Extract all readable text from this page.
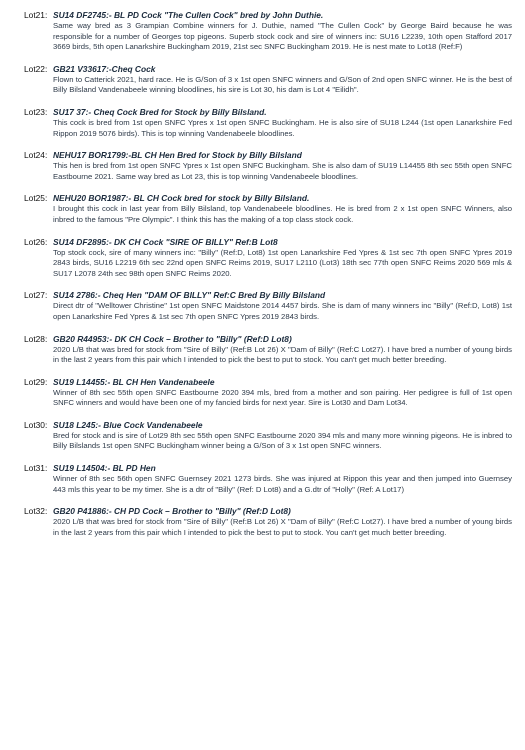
Lot21: SU14 DF2745:- BL PD Cock "The Cullen Cock" bred by John Duthie.
Same way bred as 3 Grampian Combine winners for J. Duthie, named "The Cullen Cock" by George Baird because he was responsible for a number of Georges top pigeons. Superb stock cock and sire of winners inc: SU16 L2239, 10th open Stafford 2017 3669 birds, 5th open Lanarkshire Buckingham 2019, 21st sec SNFC Buckingham 2019. He is nest mate to Lot18 (Ref:F)
Lot22: GB21 V33617:-Cheq Cock
Flown to Catterick 2021, hard race. He is G/Son of 3 x 1st open SNFC winners and G/Son of 2nd open SNFC winner. He is the best of Billy Bilsland Vandenabeele winning bloodlines, his sire is Lot 30, his dam is Lot 4 "Eilidh".
Lot23: SU17 37:- Cheq Cock Bred for Stock by Billy Bilsland.
This cock is bred from 1st open SNFC Ypres x 1st open SNFC Buckingham. He is also sire of SU18 L244 (1st open Lanarkshire Fed Rippon 2019 5076 birds). This is top winning Vandenabeele bloodlines.
Lot24: NEHU17 BOR1799:-BL CH Hen Bred for Stock by Billy Bilsland
This hen is bred from 1st open SNFC Ypres x 1st open SNFC Buckingham. She is also dam of SU19 L14455 8th sec 55th open SNFC Eastbourne 2021. Same way bred as Lot 23, this is top winning Vandenabeele bloodlines.
Lot25: NEHU20 BOR1987:- BL CH Cock bred for stock by Billy Bilsland.
I brought this cock in last year from Billy Bilsland, top Vandenabeele bloodlines. He is bred from 2 x 1st open SNFC Winners, also inbred to the famous "Pre Olympic". I think this has the making of a top class stock cock.
Lot26: SU14 DF2895:- DK CH Cock "SIRE OF BILLY" Ref:B Lot8
Top stock cock, sire of many winners inc: "Billy" (Ref:D, Lot8) 1st open Lanarkshire Fed Ypres & 1st sec 7th open SNFC Ypres 2019 2843 birds, SU16 L2219 6th sec 22nd open SNFC Reims 2019, SU17 L2110 (Lot3) 18th sec 77th open SNFC Reims 2020 569 mls & SU17 L2078 24th sec 98th open SNFC Reims 2020.
Lot27: SU14 2786:- Cheq Hen "DAM OF BILLY" Ref:C Bred By Billy Bilsland
Direct dtr of "Welltower Christine" 1st open SNFC Maidstone 2014 4457 birds. She is dam of many winners inc "Billy" (Ref:D, Lot8) 1st open Lanarkshire Fed Ypres & 1st sec 7th open SNFC Ypres 2019 2843 birds.
Lot28: GB20 R44953:- DK CH Cock – Brother to "Billy" (Ref:D Lot8)
2020 L/B that was bred for stock from "Sire of Billy" (Ref:B Lot 26) X "Dam of Billy" (Ref:C Lot27). I have bred a number of young birds in the last 2 years from this pair which I intended to pick the best to put to stock. You can't get much better breeding.
Lot29: SU19 L14455:- BL CH Hen Vandenabeele
Winner of 8th sec 55th open SNFC Eastbourne 2020 394 mls, bred from a mother and son pairing. Her pedigree is full of 1st open SNFC winners and would have been one of my fancied birds for next year. Sire is Lot30 and Dam Lot34.
Lot30: SU18 L245:- Blue Cock Vandenabeele
Bred for stock and is sire of Lot29 8th sec 55th open SNFC Eastbourne 2020 394 mls and many more winning pigeons. He is inbred to Billy Bilslands 1st open SNFC Buckingham winner being a G/Son of 3 x 1st open SNFC winners.
Lot31: SU19 L14504:- BL PD Hen
Winner of 8th sec 56th open SNFC Guernsey 2021 1273 birds. She was injured at Rippon this year and then jumped into Guernsey 443 mls this year to be my timer. She is a dtr of "Billy" (Ref: D Lot8) and a G.dtr of "Holly" (Ref: A Lot17)
Lot32: GB20 P41886:- CH PD Cock – Brother to "Billy" (Ref:D Lot8)
2020 L/B that was bred for stock from "Sire of Billy" (Ref:B Lot 26) X "Dam of Billy" (Ref:C Lot27). I have bred a number of young birds in the last 2 years from this pair which I intended to pick the best to put to stock. You can't get much better breeding.
